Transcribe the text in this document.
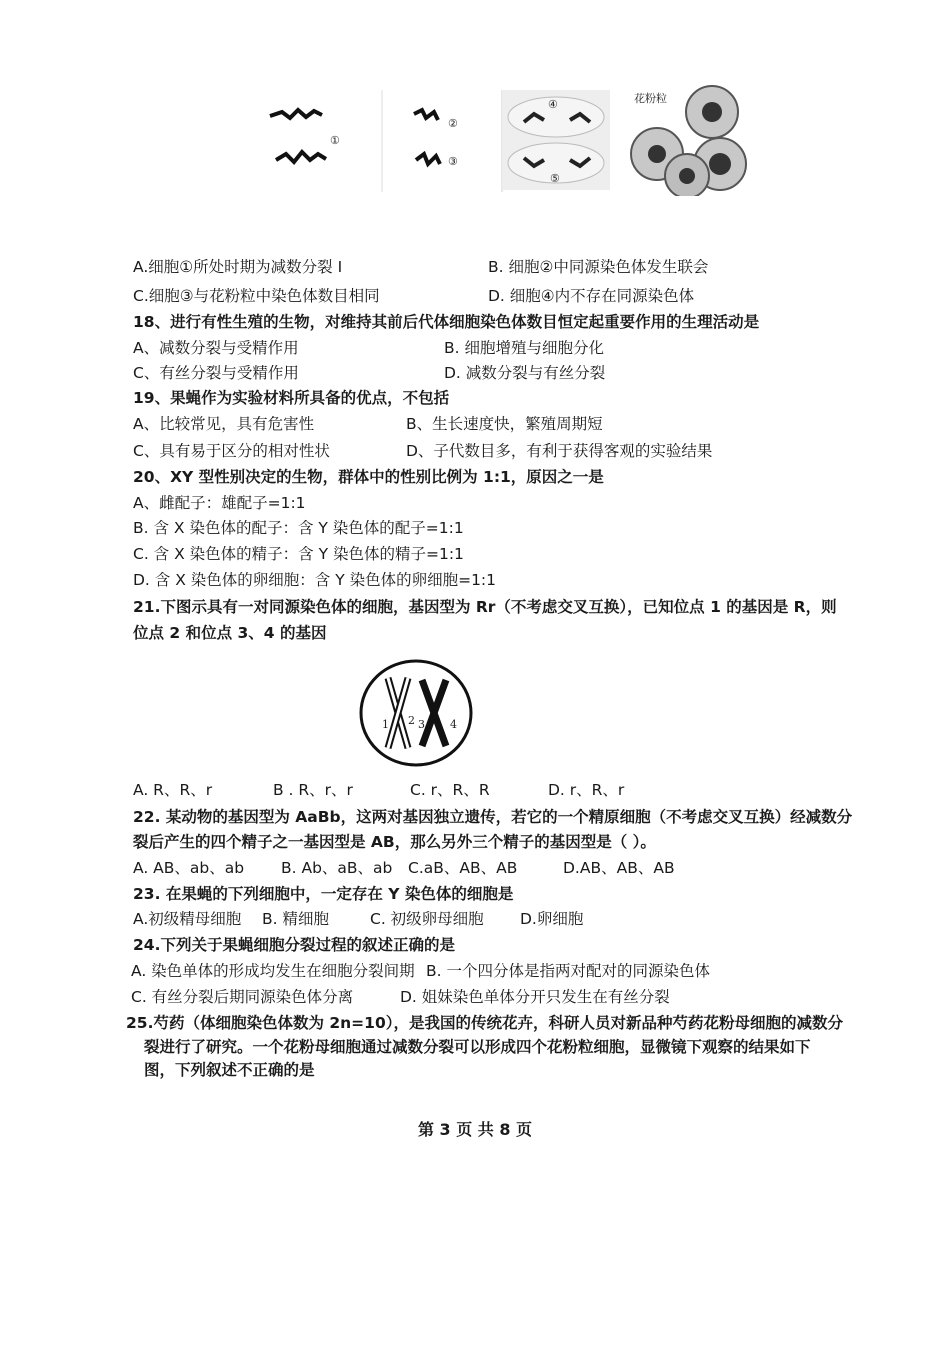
①
②
③
④
⑤
花粉粒
A.细胞①所处时期为减数分裂 I	B. 细胞②中同源染色体发生联会
C.细胞③与花粉粒中染色体数目相同	D. 细胞④内不存在同源染色体
18、进行有性生殖的生物，对维持其前后代体细胞染色体数目恒定起重要作用的生理活动是
A、减数分裂与受精作用	B. 细胞增殖与细胞分化
C、有丝分裂与受精作用	D. 减数分裂与有丝分裂
19、果蝇作为实验材料所具备的优点，不包括
A、比较常见，具有危害性	B、生长速度快，繁殖周期短
C、具有易于区分的相对性状	D、子代数目多，有利于获得客观的实验结果
20、XY 型性别决定的生物，群体中的性别比例为 1:1，原因之一是
A、雌配子：雄配子=1:1
B. 含 X 染色体的配子：含 Y 染色体的配子=1:1
C. 含 X 染色体的精子：含 Y 染色体的精子=1:1
D. 含 X 染色体的卵细胞：含 Y 染色体的卵细胞=1:1
21.下图示具有一对同源染色体的细胞，基因型为 Rr（不考虑交叉互换），已知位点 1 的基因是 R，则
位点 2 和位点 3、4 的基因
1 2 3 4
A. R、R、r	B . R、r、r	C. r、R、R	D. r、R、r
22. 某动物的基因型为 AaBb，这两对基因独立遗传，若它的一个精原细胞（不考虑交叉互换）经减数分
裂后产生的四个精子之一基因型是 AB，那么另外三个精子的基因型是（ ）。
A. AB、ab、ab B. Ab、aB、ab C.aB、AB、AB	D.AB、AB、AB
23. 在果蝇的下列细胞中，一定存在 Y 染色体的细胞是
A.初级精母细胞 B. 精细胞	C. 初级卵母细胞 D.卵细胞
24.下列关于果蝇细胞分裂过程的叙述正确的是
A. 染色单体的形成均发生在细胞分裂间期 B. 一个四分体是指两对配对的同源染色体
C. 有丝分裂后期同源染色体分离	D. 姐妹染色单体分开只发生在有丝分裂
25.芍药（体细胞染色体数为 2n=10），是我国的传统花卉，科研人员对新品种芍药花粉母细胞的减数分
裂进行了研究。一个花粉母细胞通过减数分裂可以形成四个花粉粒细胞，显微镜下观察的结果如下
图，下列叙述不正确的是
第 3 页 共 8 页
